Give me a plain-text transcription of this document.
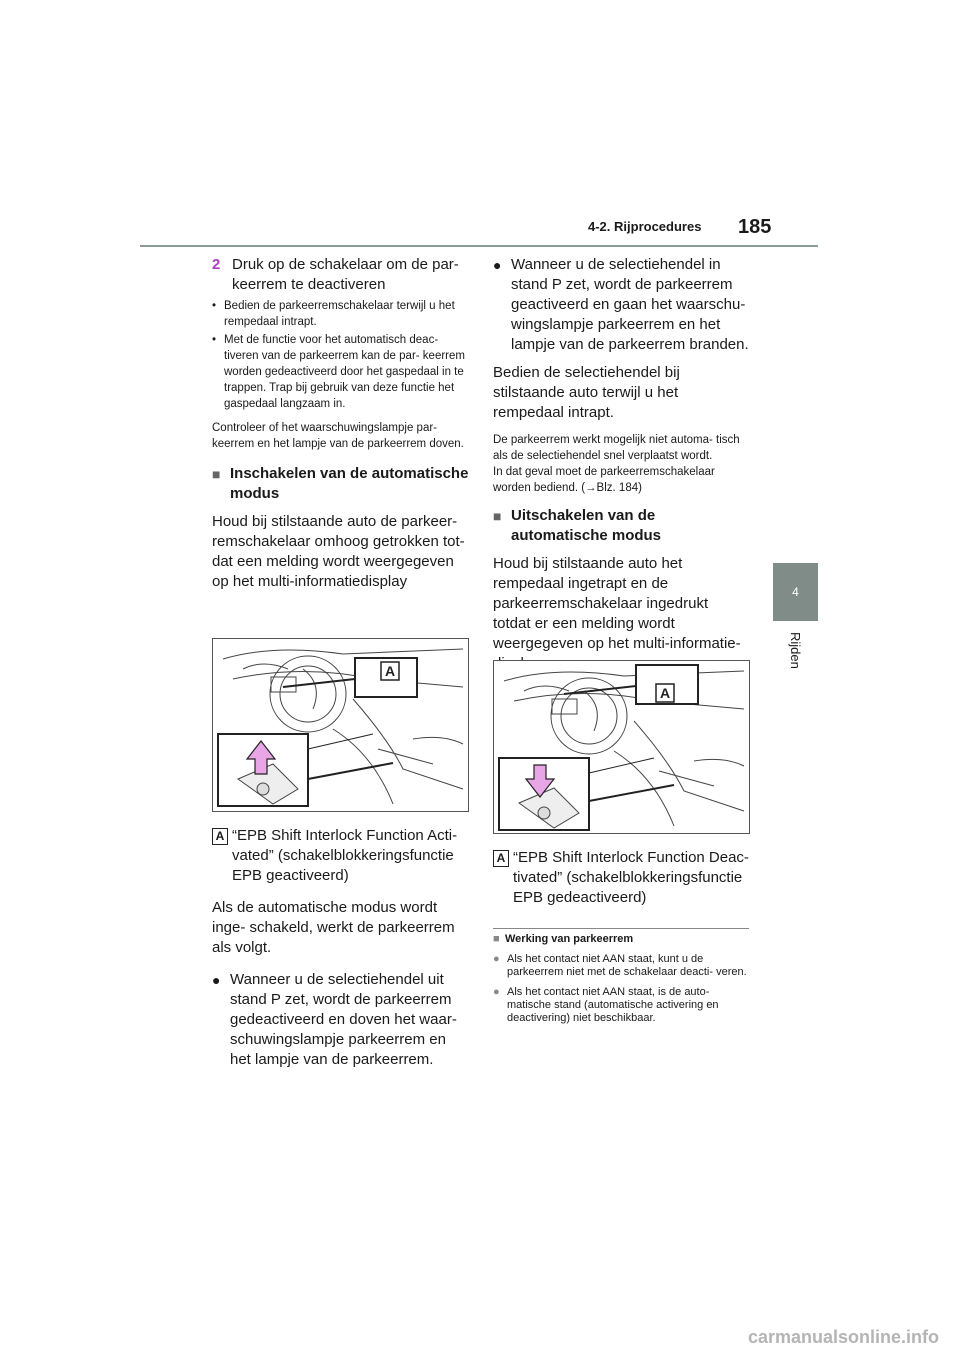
4-2. Rijprocedures 185
4
Rijden
2 Druk op de schakelaar om de par-
keerrem te deactiveren
• Bedien de parkeerremschakelaar terwijl u het rempedaal intrapt.
• Met de functie voor het automatisch deac- tiveren van de parkeerrem kan de par- keerrem worden gedeactiveerd door het gaspedaal in te trappen. Trap bij gebruik van deze functie het gaspedaal langzaam in.
Controleer of het waarschuwingslampje par- keerrem en het lampje van de parkeerrem doven.
■ Inschakelen van de automatische modus
Houd bij stilstaande auto de parkeer- remschakelaar omhoog getrokken tot- dat een melding wordt weergegeven op het multi-informatiedisplay
A
A “EPB Shift Interlock Function Acti- vated” (schakelblokkeringsfunctie EPB geactiveerd)
Als de automatische modus wordt inge- schakeld, werkt de parkeerrem als volgt.
● Wanneer u de selectiehendel uit stand P zet, wordt de parkeerrem gedeactiveerd en doven het waar- schuwingslampje parkeerrem en het lampje van de parkeerrem.
● Wanneer u de selectiehendel in stand P zet, wordt de parkeerrem geactiveerd en gaan het waarschu- wingslampje parkeerrem en het lampje van de parkeerrem branden.
Bedien de selectiehendel bij stilstaande auto terwijl u het rempedaal intrapt.
De parkeerrem werkt mogelijk niet automa- tisch als de selectiehendel snel verplaatst wordt.
In dat geval moet de parkeerremschakelaar worden bediend. (→Blz. 184)
■ Uitschakelen van de automatische modus
Houd bij stilstaande auto het rempedaal ingetrapt en de parkeerremschakelaar ingedrukt totdat er een melding wordt weergegeven op het multi-informatie-
A
A “EPB Shift Interlock Function Deac- tivated” (schakelblokkeringsfunctie EPB gedeactiveerd)
■ Werking van parkeerrem
● Als het contact niet AAN staat, kunt u de parkeerrem niet met de schakelaar deacti- veren.
● Als het contact niet AAN staat, is de auto- matische stand (automatische activering en deactivering) niet beschikbaar.
carmanualsonline.info
